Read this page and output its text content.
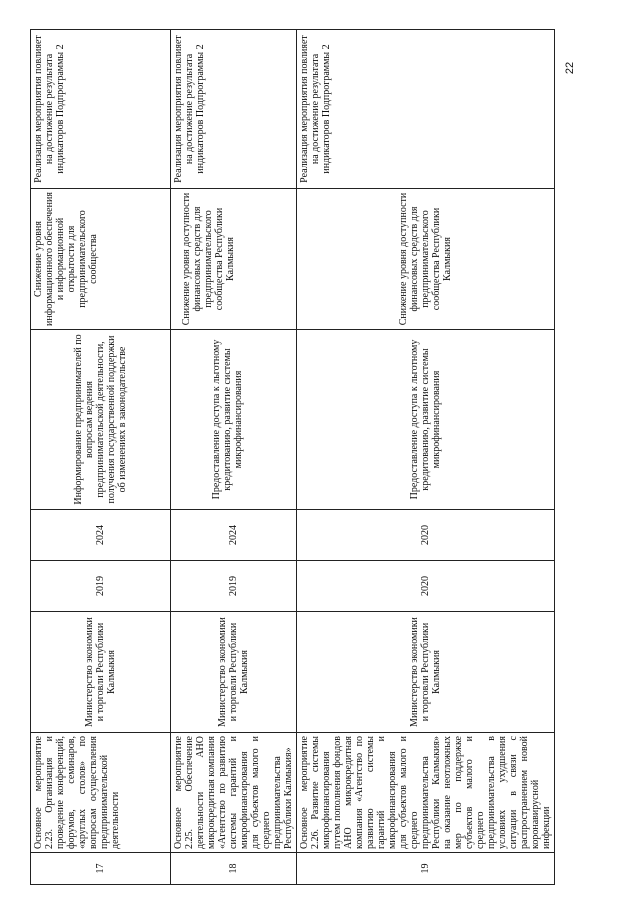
22
17	Основное мероприятие 2.23. Организация и проведение конференций, форумов, семинаров, «круглых столов» по вопросам осуществления предпринимательской деятельности	Министерство экономики и торговли Республики Калмыкия	2019	2024	Информирование предпринимателей по вопросам ведения предпринимательской деятельности, получения государственной поддержки об изменениях в законодательстве	Снижение уровня информационного обеспечения и информационной открытости для предпринимательского сообщества	Реализация мероприятия повлияет на достижение результата индикаторов Подпрограммы 2
18	Основное мероприятие 2.25. Обеспечение деятельности АНО микрокредитная компания «Агентство по развитию системы гарантий и микрофинансирования для субъектов малого и среднего предпринимательства Республики Калмыкия»	Министерство экономики и торговли Республики Калмыкия	2019	2024	Предоставление доступа к льготному кредитованию, развитие системы микрофинансирования	Снижение уровня доступности финансовых средств для предпринимательского сообщества Республики Калмыкия	Реализация мероприятия повлияет на достижение результата индикаторов Подпрограммы 2
19	Основное мероприятие 2.26. Развитие системы микрофинансирования путем пополнения фондов АНО микрокредитная компания «Агентство по развитию системы гарантий и микрофинансирования для субъектов малого и среднего предпринимательства Республики Калмыкия» на оказание неотложных мер по поддержке субъектов малого и среднего предпринимательства в условиях ухудшения ситуации в связи с распространением новой коронавирусной инфекции	Министерство экономики и торговли Республики Калмыкия	2020	2020	Предоставление доступа к льготному кредитованию, развитие системы микрофинансирования	Снижение уровня доступности финансовых средств для предпринимательского сообщества Республики Калмыкия	Реализация мероприятия повлияет на достижение результата индикаторов Подпрограммы 2
